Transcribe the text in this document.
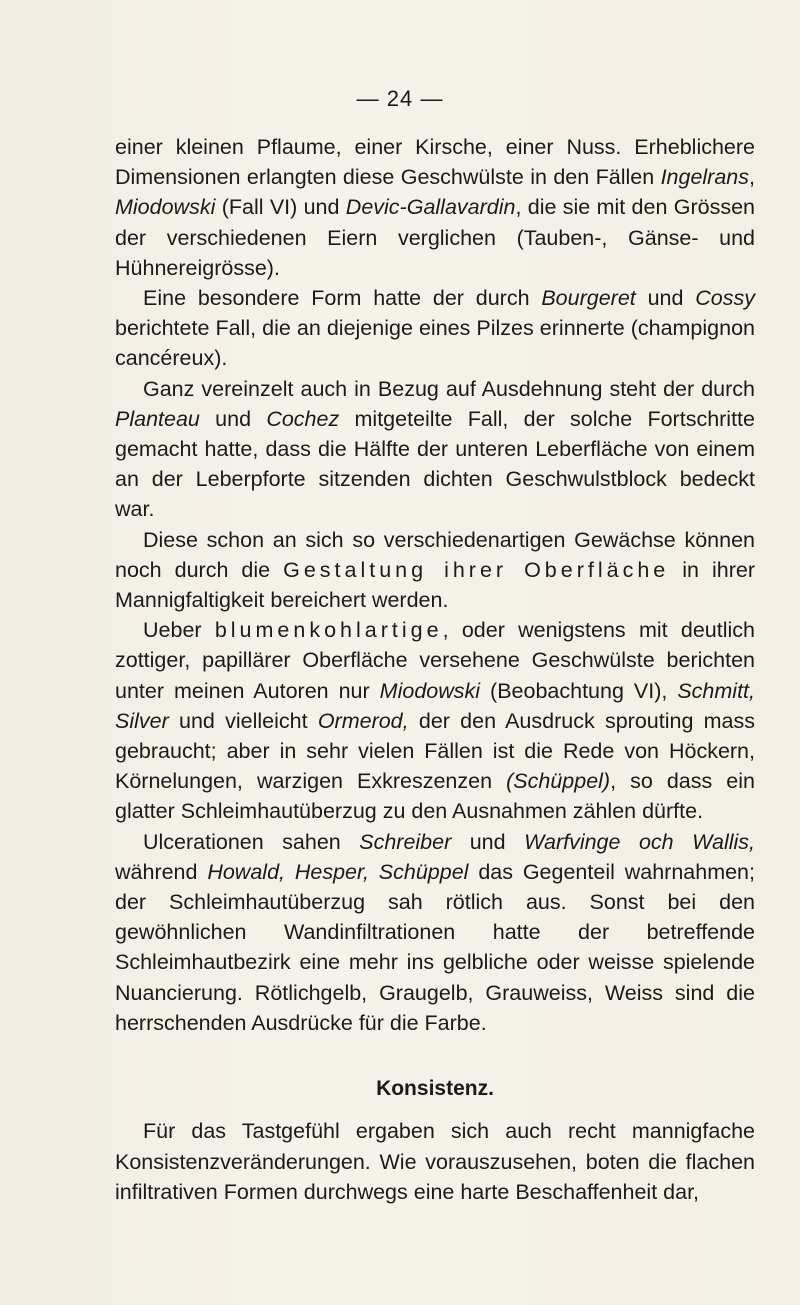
— 24 —

einer kleinen Pflaume, einer Kirsche, einer Nuss. Erheblichere Dimensionen erlangten diese Geschwülste in den Fällen Ingelrans, Miodowski (Fall VI) und Devic-Gallavardin, die sie mit den Grössen der verschiedenen Eiern verglichen (Tauben-, Gänse- und Hühnereigrösse).

Eine besondere Form hatte der durch Bourgeret und Cossy berichtete Fall, die an diejenige eines Pilzes erinnerte (champignon cancéreux).

Ganz vereinzelt auch in Bezug auf Ausdehnung steht der durch Planteau und Cochez mitgeteilte Fall, der solche Fortschritte gemacht hatte, dass die Hälfte der unteren Leberfläche von einem an der Leberpforte sitzenden dichten Geschwulstblock bedeckt war.

Diese schon an sich so verschiedenartigen Gewächse können noch durch die Gestaltung ihrer Oberfläche in ihrer Mannigfaltigkeit bereichert werden.

Ueber blumenkohlartige, oder wenigstens mit deutlich zottiger, papillärer Oberfläche versehene Geschwülste berichten unter meinen Autoren nur Miodowski (Beobachtung VI), Schmitt, Silver und vielleicht Ormerod, der den Ausdruck sprouting mass gebraucht; aber in sehr vielen Fällen ist die Rede von Höckern, Körnelungen, warzigen Exkreszenzen (Schüppel), so dass ein glatter Schleimhautüberzug zu den Ausnahmen zählen dürfte.

Ulcerationen sahen Schreiber und Warfvinge och Wallis, während Howald, Hesper, Schüppel das Gegenteil wahrnahmen; der Schleimhautüberzug sah rötlich aus. Sonst bei den gewöhnlichen Wandinfiltrationen hatte der betreffende Schleimhautbezirk eine mehr ins gelbliche oder weisse spielende Nuancierung. Rötlichgelb, Graugelb, Grauweiss, Weiss sind die herrschenden Ausdrücke für die Farbe.

Konsistenz.

Für das Tastgefühl ergaben sich auch recht mannigfache Konsistenzveränderungen. Wie vorauszusehen, boten die flachen infiltrativen Formen durchwegs eine harte Beschaffenheit dar,
